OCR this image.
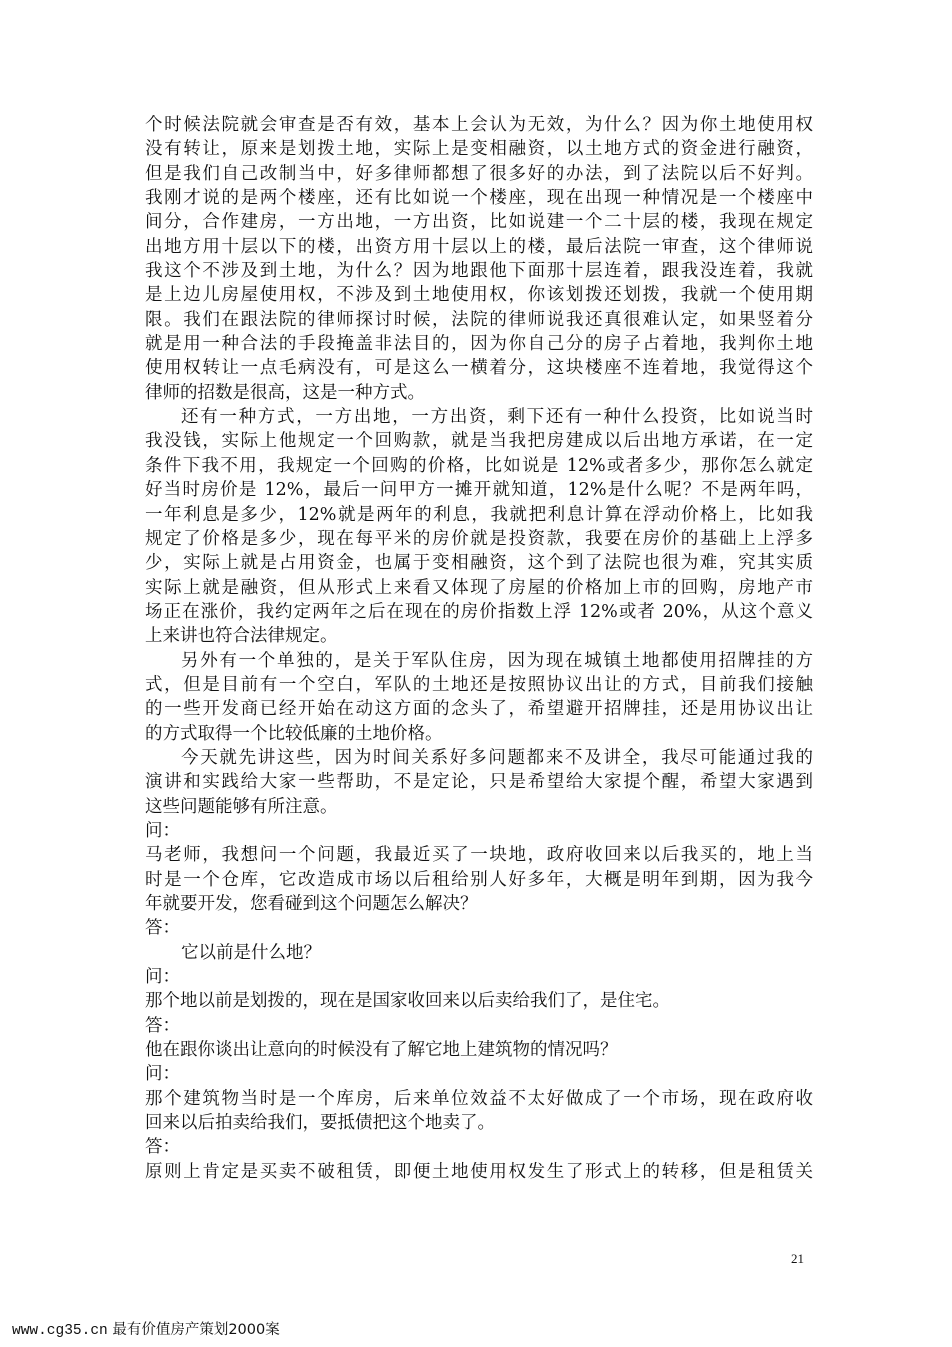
个时候法院就会审查是否有效，基本上会认为无效，为什么？因为你土地使用权
没有转让，原来是划拨土地，实际上是变相融资，以土地方式的资金进行融资，
但是我们自己改制当中，好多律师都想了很多好的办法，到了法院以后不好判。
我刚才说的是两个楼座，还有比如说一个楼座，现在出现一种情况是一个楼座中
间分，合作建房，一方出地，一方出资，比如说建一个二十层的楼，我现在规定
出地方用十层以下的楼，出资方用十层以上的楼，最后法院一审查，这个律师说
我这个不涉及到土地，为什么？因为地跟他下面那十层连着，跟我没连着，我就
是上边儿房屋使用权，不涉及到土地使用权，你该划拨还划拨，我就一个使用期
限。我们在跟法院的律师探讨时候，法院的律师说我还真很难认定，如果竖着分
就是用一种合法的手段掩盖非法目的，因为你自己分的房子占着地，我判你土地
使用权转让一点毛病没有，可是这么一横着分，这块楼座不连着地，我觉得这个
律师的招数是很高，这是一种方式。
还有一种方式，一方出地，一方出资，剩下还有一种什么投资，比如说当时
我没钱，实际上他规定一个回购款，就是当我把房建成以后出地方承诺，在一定
条件下我不用，我规定一个回购的价格，比如说是 12%或者多少，那你怎么就定
好当时房价是 12%，最后一问甲方一摊开就知道，12%是什么呢？不是两年吗，
一年利息是多少，12%就是两年的利息，我就把利息计算在浮动价格上，比如我
规定了价格是多少，现在每平米的房价就是投资款，我要在房价的基础上上浮多
少，实际上就是占用资金，也属于变相融资，这个到了法院也很为难，究其实质
实际上就是融资，但从形式上来看又体现了房屋的价格加上市的回购，房地产市
场正在涨价，我约定两年之后在现在的房价指数上浮 12%或者 20%，从这个意义
上来讲也符合法律规定。
另外有一个单独的，是关于军队住房，因为现在城镇土地都使用招牌挂的方
式，但是目前有一个空白，军队的土地还是按照协议出让的方式，目前我们接触
的一些开发商已经开始在动这方面的念头了，希望避开招牌挂，还是用协议出让
的方式取得一个比较低廉的土地价格。
今天就先讲这些，因为时间关系好多问题都来不及讲全，我尽可能通过我的
演讲和实践给大家一些帮助，不是定论，只是希望给大家提个醒，希望大家遇到
这些问题能够有所注意。
问：
马老师，我想问一个问题，我最近买了一块地，政府收回来以后我买的，地上当
时是一个仓库，它改造成市场以后租给别人好多年，大概是明年到期，因为我今
年就要开发，您看碰到这个问题怎么解决？
答：
它以前是什么地？
问：
那个地以前是划拨的，现在是国家收回来以后卖给我们了，是住宅。
答：
他在跟你谈出让意向的时候没有了解它地上建筑物的情况吗？
问：
那个建筑物当时是一个库房，后来单位效益不太好做成了一个市场，现在政府收
回来以后拍卖给我们，要抵债把这个地卖了。
答：
原则上肯定是买卖不破租赁，即便土地使用权发生了形式上的转移，但是租赁关
21
www.cg35.cn 最有价值房产策划2000案
